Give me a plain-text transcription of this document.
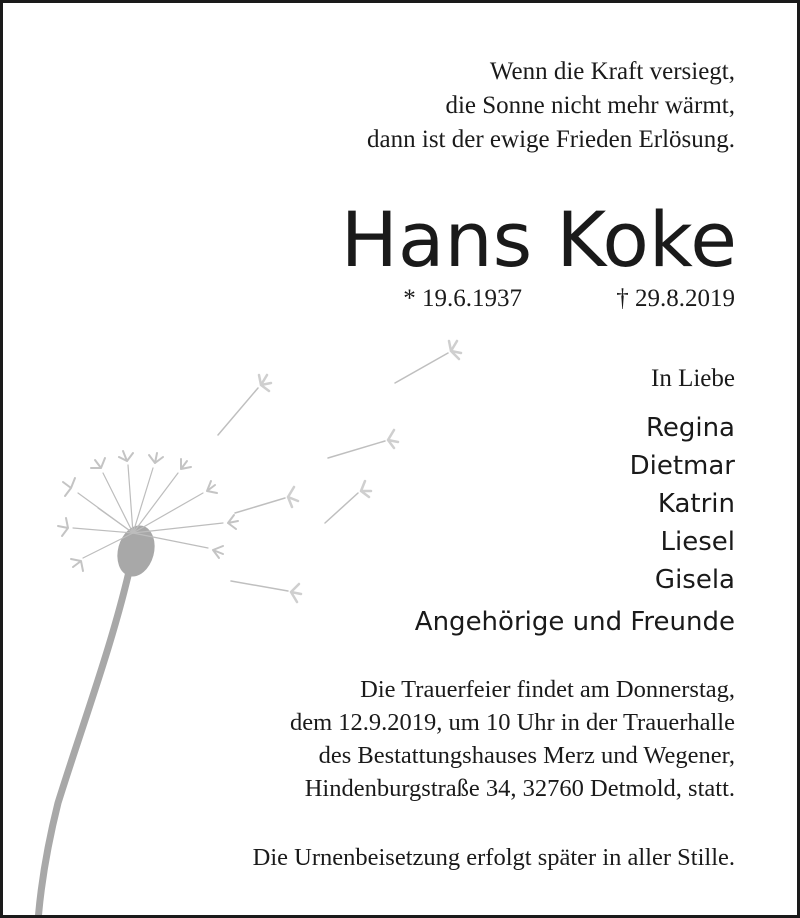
Wenn die Kraft versiegt,
die Sonne nicht mehr wärmt,
dann ist der ewige Frieden Erlösung.
Hans Koke
* 19.6.1937	† 29.8.2019
In Liebe
Regina
Dietmar
Katrin
Liesel
Gisela
Angehörige und Freunde
Die Trauerfeier findet am Donnerstag,
dem 12.9.2019, um 10 Uhr in der Trauerhalle
des Bestattungshauses Merz und Wegener,
Hindenburgstraße 34, 32760 Detmold, statt.
Die Urnenbeisetzung erfolgt später in aller Stille.
